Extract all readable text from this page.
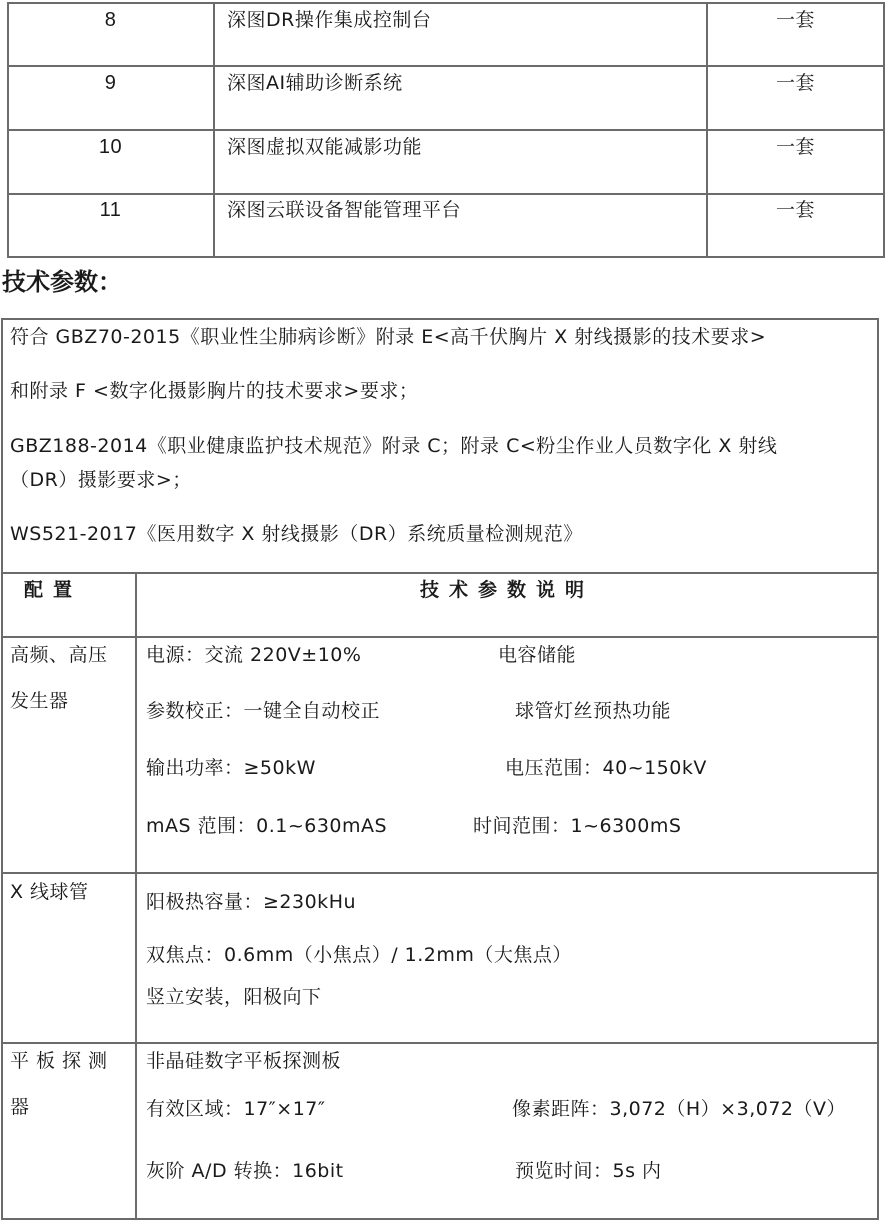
8	深图DR操作集成控制台	一套
9	深图AI辅助诊断系统	一套
10	深图虚拟双能减影功能	一套
11	深图云联设备智能管理平台	一套
技术参数：
符合 GBZ70-2015《职业性尘肺病诊断》附录 E<高千伏胸片 X 射线摄影的技术要求>
和附录 F <数字化摄影胸片的技术要求>要求；
GBZ188-2014《职业健康监护技术规范》附录 C；附录 C<粉尘作业人员数字化 X 射线
（DR）摄影要求>；
WS521-2017《医用数字 X 射线摄影（DR）系统质量检测规范》
配置	技术参数说明
高频、高压
发生器
电源：交流 220V±10%	电容储能
参数校正：一键全自动校正	球管灯丝预热功能
输出功率：≥50kW	电压范围：40~150kV
mAS 范围：0.1~630mAS	时间范围：1~6300mS
X 线球管	阳极热容量：≥230kHu
双焦点：0.6mm（小焦点）/ 1.2mm（大焦点）
竖立安装，阳极向下
平板探测
器
非晶硅数字平板探测板
有效区域：17″×17″	像素距阵：3,072（H）×3,072（V）
灰阶 A/D 转换：16bit	预览时间：5s 内
